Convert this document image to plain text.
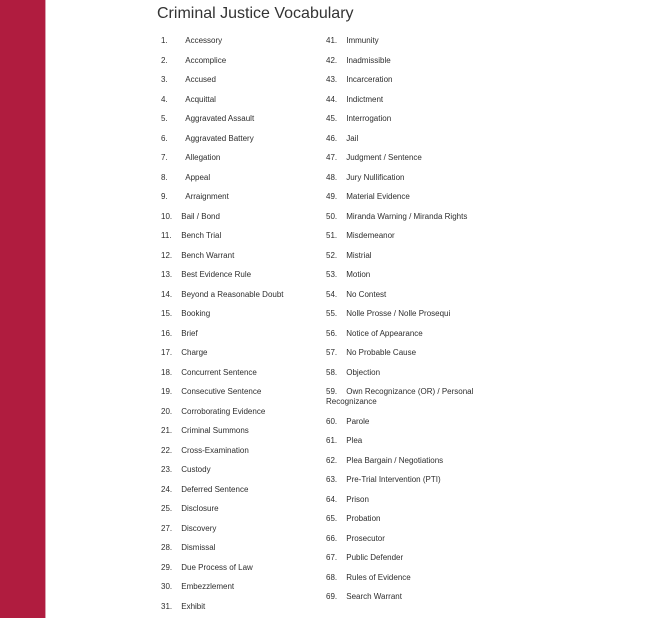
Criminal Justice Vocabulary
1. Accessory
2. Accomplice
3. Accused
4. Acquittal
5. Aggravated Assault
6. Aggravated Battery
7. Allegation
8. Appeal
9. Arraignment
10. Bail / Bond
11. Bench Trial
12. Bench Warrant
13. Best Evidence Rule
14. Beyond a Reasonable Doubt
15. Booking
16. Brief
17. Charge
18. Concurrent Sentence
19. Consecutive Sentence
20. Corroborating Evidence
21. Criminal Summons
22. Cross-Examination
23. Custody
24. Deferred Sentence
25. Disclosure
27. Discovery
28. Dismissal
29. Due Process of Law
30. Embezzlement
31. Exhibit
41. Immunity
42. Inadmissible
43. Incarceration
44. Indictment
45. Interrogation
46. Jail
47. Judgment / Sentence
48. Jury Nullification
49. Material Evidence
50. Miranda Warning / Miranda Rights
51. Misdemeanor
52. Mistrial
53. Motion
54. No Contest
55. Nolle Prosse / Nolle Prosequi
56. Notice of Appearance
57. No Probable Cause
58. Objection
59. Own Recognizance (OR) / Personal Recognizance
60. Parole
61. Plea
62. Plea Bargain / Negotiations
63. Pre-Trial Intervention (PTI)
64. Prison
65. Probation
66. Prosecutor
67. Public Defender
68. Rules of Evidence
69. Search Warrant
